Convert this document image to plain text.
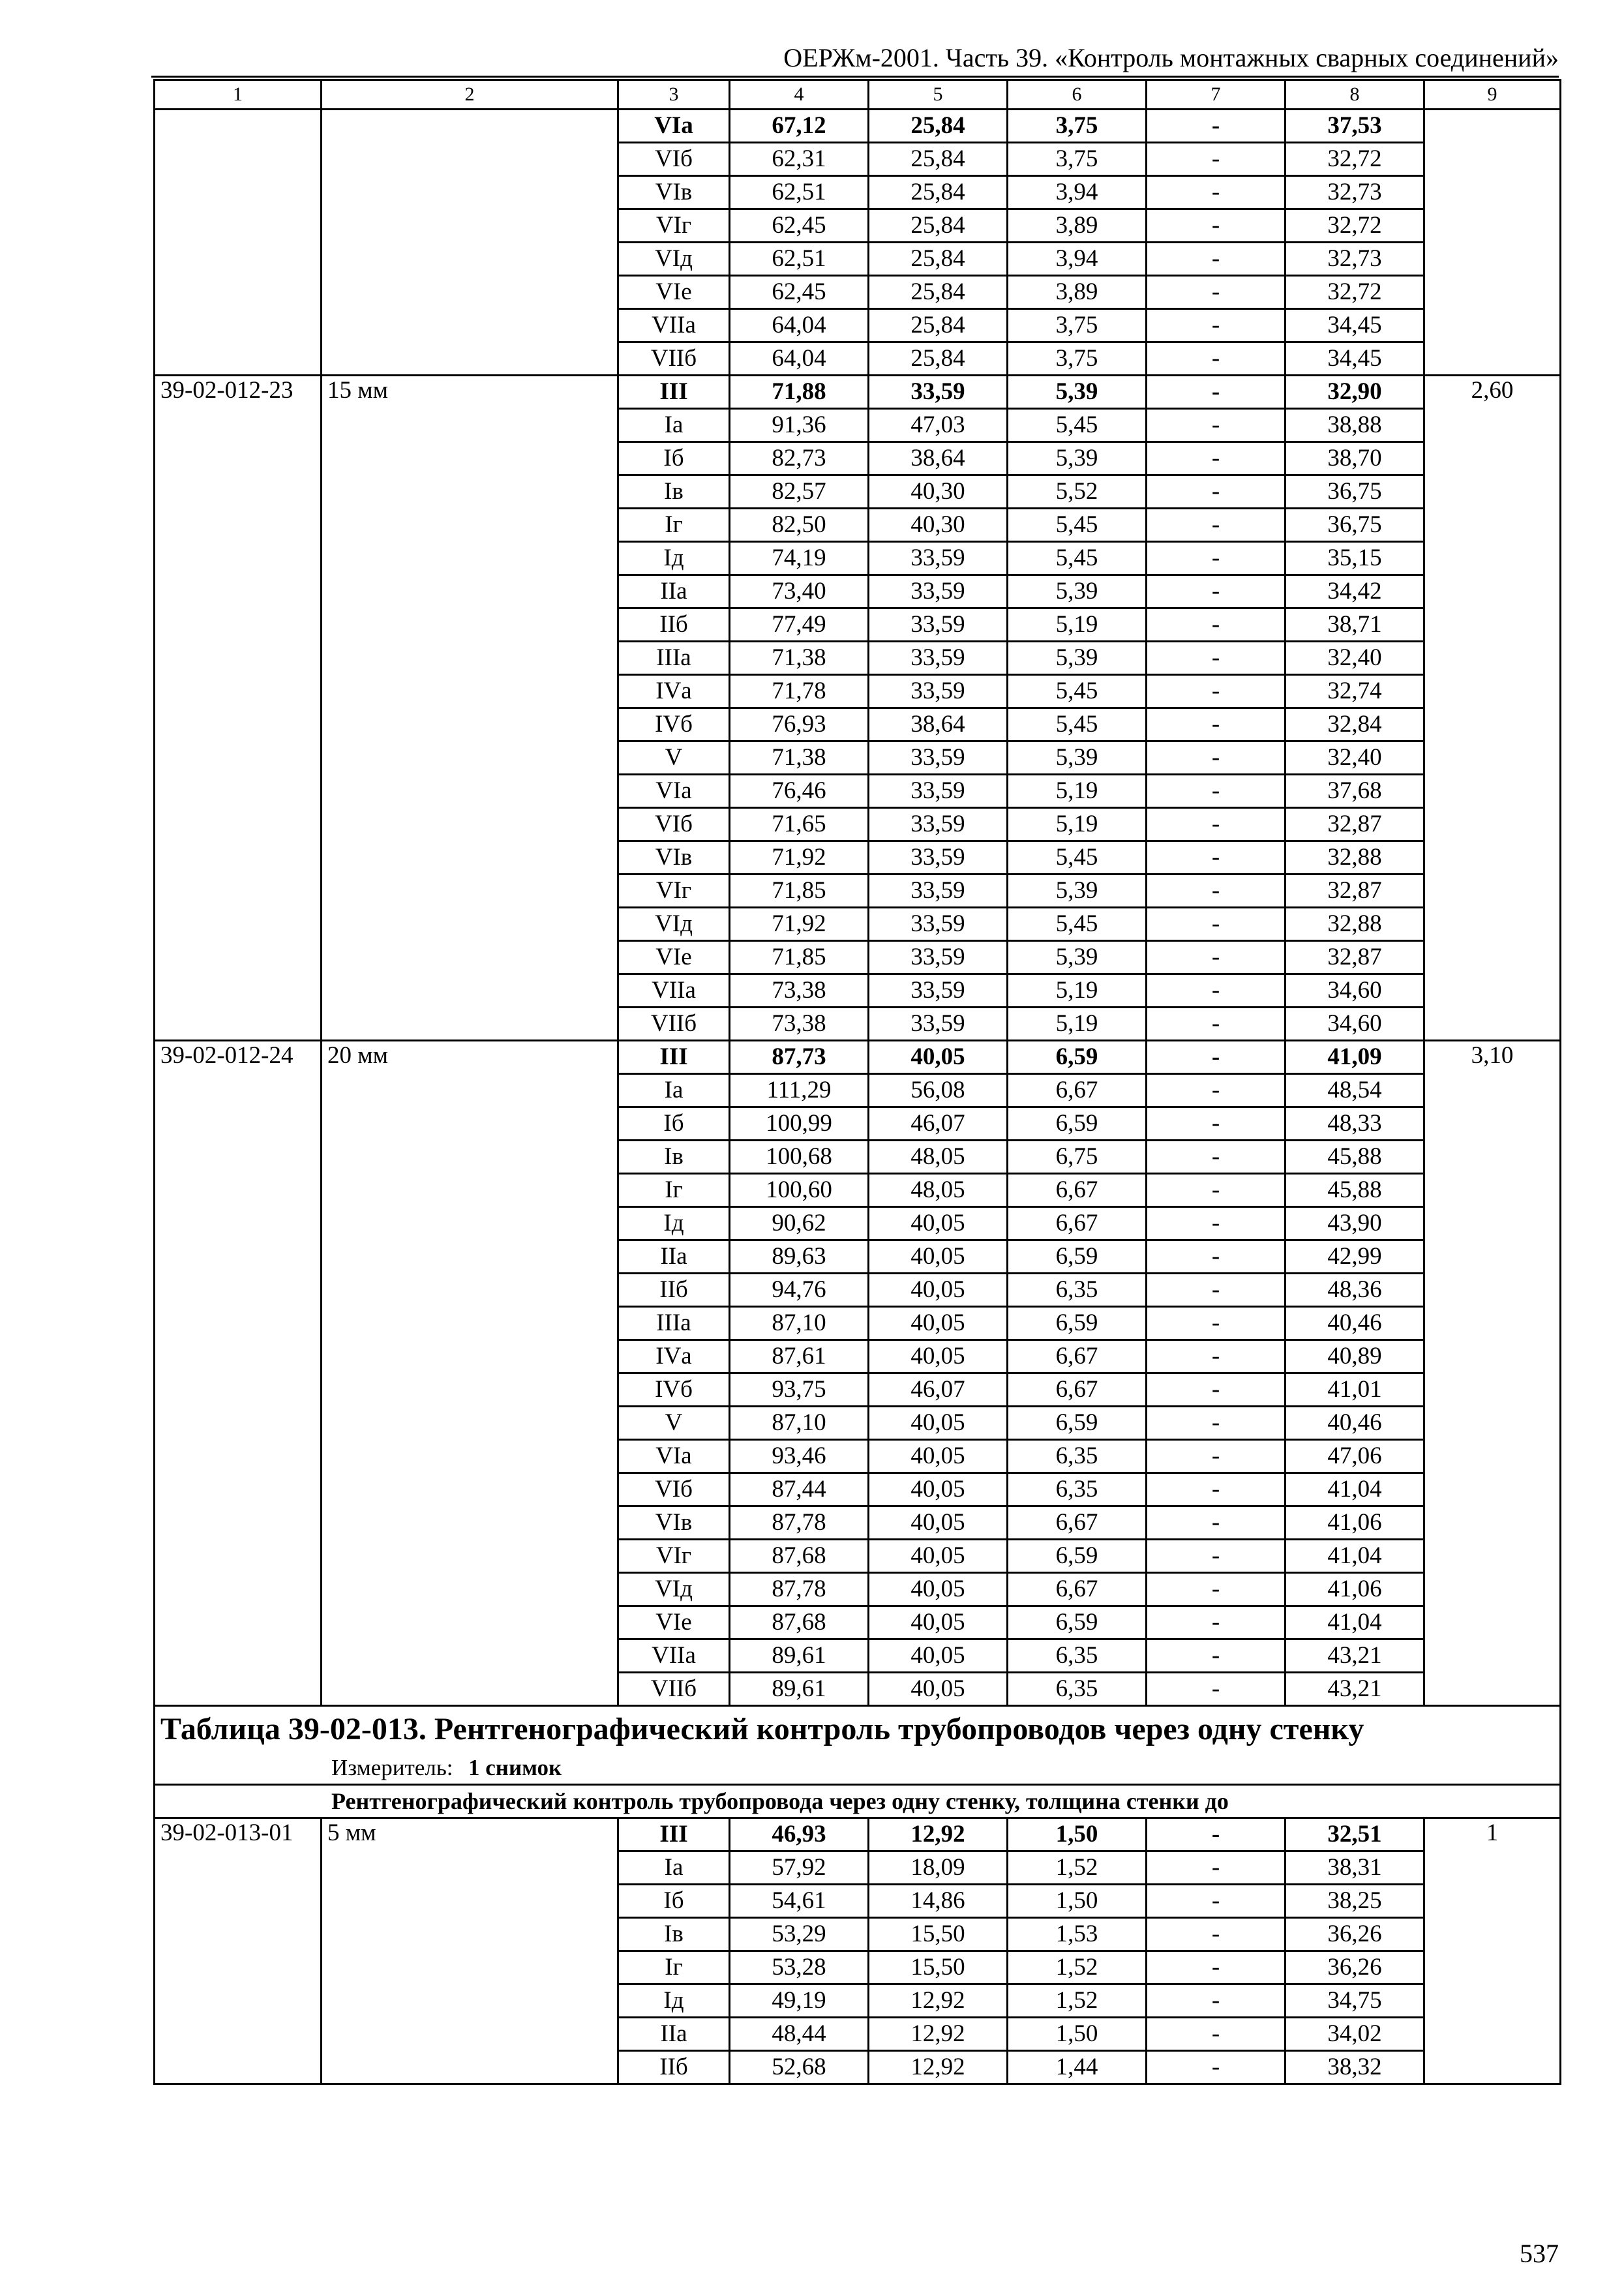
ОЕРЖм-2001. Часть 39. «Контроль монтажных сварных соединений»
1	2	3	4	5	6	7	8	9
		VIа	67,12	25,84	3,75	-	37,53	
		VIб	62,31	25,84	3,75	-	32,72	
		VIв	62,51	25,84	3,94	-	32,73	
		VIг	62,45	25,84	3,89	-	32,72	
		VIд	62,51	25,84	3,94	-	32,73	
		VIе	62,45	25,84	3,89	-	32,72	
		VIIа	64,04	25,84	3,75	-	34,45	
		VIIб	64,04	25,84	3,75	-	34,45	
39-02-012-23	15 мм	III	71,88	33,59	5,39	-	32,90	2,60
		Iа	91,36	47,03	5,45	-	38,88	
		Iб	82,73	38,64	5,39	-	38,70	
		Iв	82,57	40,30	5,52	-	36,75	
		Iг	82,50	40,30	5,45	-	36,75	
		Iд	74,19	33,59	5,45	-	35,15	
		IIа	73,40	33,59	5,39	-	34,42	
		IIб	77,49	33,59	5,19	-	38,71	
		IIIа	71,38	33,59	5,39	-	32,40	
		IVа	71,78	33,59	5,45	-	32,74	
		IVб	76,93	38,64	5,45	-	32,84	
		V	71,38	33,59	5,39	-	32,40	
		VIа	76,46	33,59	5,19	-	37,68	
		VIб	71,65	33,59	5,19	-	32,87	
		VIв	71,92	33,59	5,45	-	32,88	
		VIг	71,85	33,59	5,39	-	32,87	
		VIд	71,92	33,59	5,45	-	32,88	
		VIе	71,85	33,59	5,39	-	32,87	
		VIIа	73,38	33,59	5,19	-	34,60	
		VIIб	73,38	33,59	5,19	-	34,60	
39-02-012-24	20 мм	III	87,73	40,05	6,59	-	41,09	3,10
		Iа	111,29	56,08	6,67	-	48,54	
		Iб	100,99	46,07	6,59	-	48,33	
		Iв	100,68	48,05	6,75	-	45,88	
		Iг	100,60	48,05	6,67	-	45,88	
		Iд	90,62	40,05	6,67	-	43,90	
		IIа	89,63	40,05	6,59	-	42,99	
		IIб	94,76	40,05	6,35	-	48,36	
		IIIа	87,10	40,05	6,59	-	40,46	
		IVа	87,61	40,05	6,67	-	40,89	
		IVб	93,75	46,07	6,67	-	41,01	
		V	87,10	40,05	6,59	-	40,46	
		VIа	93,46	40,05	6,35	-	47,06	
		VIб	87,44	40,05	6,35	-	41,04	
		VIв	87,78	40,05	6,67	-	41,06	
		VIг	87,68	40,05	6,59	-	41,04	
		VIд	87,78	40,05	6,67	-	41,06	
		VIе	87,68	40,05	6,59	-	41,04	
		VIIа	89,61	40,05	6,35	-	43,21	
		VIIб	89,61	40,05	6,35	-	43,21	
Таблица 39-02-013. Рентгенографический контроль трубопроводов через одну стенку								
Измеритель: 1 снимок								
Рентгенографический контроль трубопровода через одну стенку, толщина стенки до								
39-02-013-01	5 мм	III	46,93	12,92	1,50	-	32,51	1
		Iа	57,92	18,09	1,52	-	38,31	
		Iб	54,61	14,86	1,50	-	38,25	
		Iв	53,29	15,50	1,53	-	36,26	
		Iг	53,28	15,50	1,52	-	36,26	
		Iд	49,19	12,92	1,52	-	34,75	
		IIа	48,44	12,92	1,50	-	34,02	
		IIб	52,68	12,92	1,44	-	38,32	
537
